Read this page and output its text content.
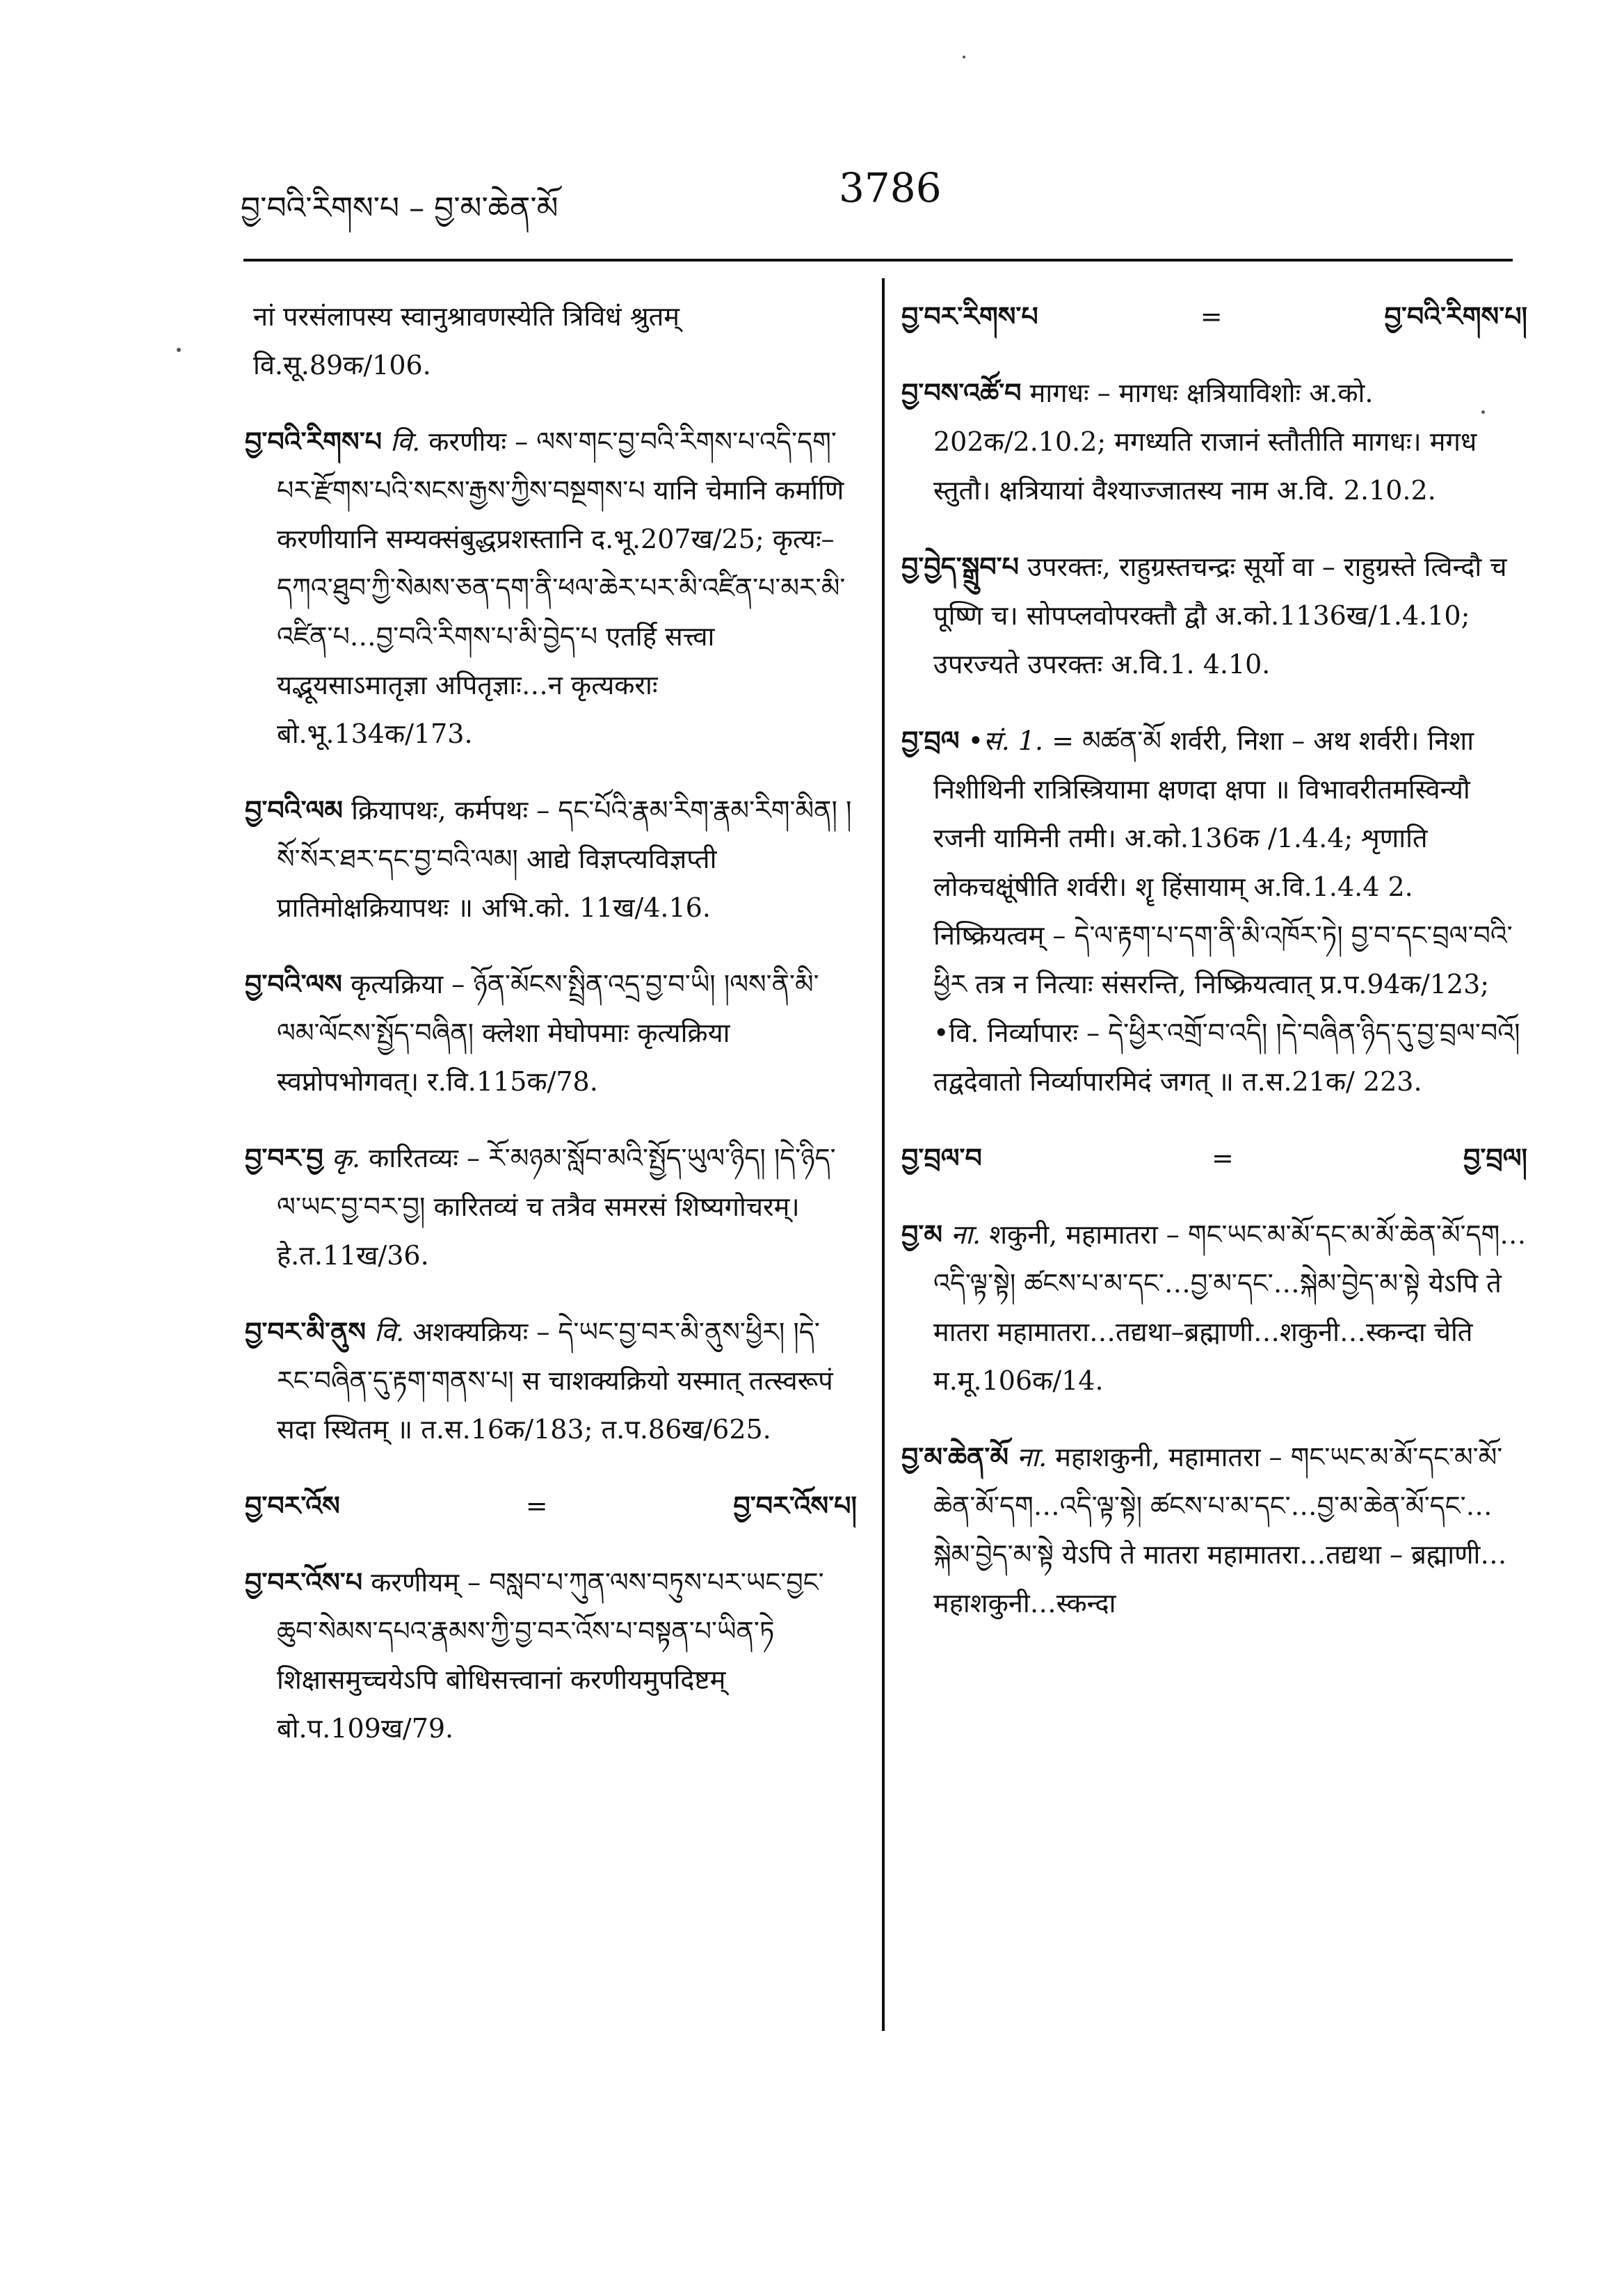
བྱ་བའི་རིགས་པ – བྱ་མ་ཆེན་མོ	3786

नां परसंलापस्य स्वानुश्रावणस्येति त्रिविधं श्रुतम् वि.सू.89क/106.

བྱ་བའི་རིགས་པ वि. करणीयः – ལས་གང་བྱ་བའི་རིགས་པ་འདི་དག་པར་རྫོགས་པའི་སངས་རྒྱས་ཀྱིས་བསྔགས་པ यानि चेमानि कर्माणि करणीयानि सम्यक्संबुद्धप्रशस्तानि द.भू.207ख/25; कृत्यः–དཀའ་ཐུབ་ཀྱི་སེམས་ཅན་དག་ནི་ཕལ་ཆེར་པར་མི་འཛིན་པ་མར་མི་འཛིན་པ…བྱ་བའི་རིགས་པ་མི་བྱེད་པ एतर्हि सत्त्वा यद्भूयसाऽमातृज्ञा अपितृज्ञाः…न कृत्यकराः बो.भू.134क/173.

བྱ་བའི་ལམ क्रियापथः, कर्मपथः – དང་པོའི་རྣམ་རིག་རྣམ་རིག་མིན། །སོ་སོར་ཐར་དང་བྱ་བའི་ལམ། आद्ये विज्ञप्त्यविज्ञप्ती प्रातिमोक्षक्रियापथः ॥ अभि.को. 11ख/4.16.

བྱ་བའི་ལས कृत्यक्रिया – ཉོན་མོངས་སྤྲིན་འདྲ་བྱ་བ་ཡི། །ལས་ནི་མི་ལམ་ལོངས་སྤྱོད་བཞིན། क्लेशा मेघोपमाः कृत्यक्रिया स्वप्नोपभोगवत्। र.वि.115क/78.

བྱ་བར་བྱ कृ. कारितव्यः – རོ་མཉམ་སློབ་མའི་སྤྱོད་ཡུལ་ཉིད། །དེ་ཉིད་ལ་ཡང་བྱ་བར་བྱ། कारितव्यं च तत्रैव समरसं शिष्यगोचरम्। हे.त.11ख/36.

བྱ་བར་མི་ནུས वि. अशक्यक्रियः – དེ་ཡང་བྱ་བར་མི་ནུས་ཕྱིར། །དེ་རང་བཞིན་དུ་རྟག་གནས་པ། स चाशक्यक्रियो यस्मात् तत्स्वरूपं सदा स्थितम् ॥ त.स.16क/183; त.प.86ख/625.

བྱ་བར་འོས	=	བྱ་བར་འོས་པ།

བྱ་བར་འོས་པ करणीयम् – བསླབ་པ་ཀུན་ལས་བཏུས་པར་ཡང་བྱང་ཆུབ་སེམས་དཔའ་རྣམས་ཀྱི་བྱ་བར་འོས་པ་བསྟན་པ་ཡིན་ཏེ शिक्षासमुच्चयेऽपि बोधिसत्त्वानां करणीयमुपदिष्टम् बो.प.109ख/79.

བྱ་བར་རིགས་པ	=	བྱ་བའི་རིགས་པ།

བྱ་བས་འཚོ་བ मागधः – मागधः क्षत्रियाविशोः अ.को. 202क/2.10.2; मगध्यति राजानं स्तौतीति मागधः। मगध स्तुतौ। क्षत्रियायां वैश्याज्जातस्य नाम अ.वि. 2.10.2.

བྱ་བྱེད་སྒྲུབ་པ उपरक्तः, राहुग्रस्तचन्द्रः सूर्यो वा – राहुग्रस्ते त्विन्दौ च पूष्णि च। सोपप्लवोपरक्तौ द्वौ अ.को.1136ख/1.4.10; उपरज्यते उपरक्तः अ.वि.1. 4.10.

བྱ་བྲལ •सं. 1. = མཚན་མོ शर्वरी, निशा – अथ शर्वरी। निशा निशीथिनी रात्रिस्त्रियामा क्षणदा क्षपा ॥ विभावरीतमस्विन्यौ रजनी यामिनी तमी। अ.को.136क /1.4.4; शृणाति लोकचक्षूंषीति शर्वरी। शॄ हिंसायाम् अ.वि.1.4.4 2. निष्क्रियत्वम् – དེ་ལ་རྟག་པ་དག་ནི་མི་འཁོར་ཏེ། བྱ་བ་དང་བྲལ་བའི་ཕྱིར तत्र न नित्याः संसरन्ति, निष्क्रियत्वात् प्र.प.94क/123; •वि. निर्व्यापारः – དེ་ཕྱིར་འགྲོ་བ་འདི། །དེ་བཞིན་ཉིད་དུ་བྱ་བྲལ་བའོ། तद्वदेवातो निर्व्यापारमिदं जगत् ॥ त.स.21क/ 223.

བྱ་བྲལ་བ	=	བྱ་བྲལ།

བྱ་མ ना. शकुनी, महामातरा – གང་ཡང་མ་མོ་དང་མ་མོ་ཆེན་མོ་དག…འདི་ལྟ་སྟེ། ཚངས་པ་མ་དང་…བྱ་མ་དང་…སྐེམ་བྱེད་མ་སྟེ येऽपि ते मातरा महामातरा…तद्यथा–ब्रह्माणी…शकुनी…स्कन्दा चेति म.मू.106क/14.

བྱ་མ་ཆེན་མོ ना. महाशकुनी, महामातरा – གང་ཡང་མ་མོ་དང་མ་མོ་ཆེན་མོ་དག…འདི་ལྟ་སྟེ། ཚངས་པ་མ་དང་…བྱ་མ་ཆེན་མོ་དང་…སྐེམ་བྱེད་མ་སྟེ येऽपि ते मातरा महामातरा…तद्यथा – ब्रह्माणी…महाशकुनी…स्कन्दा
